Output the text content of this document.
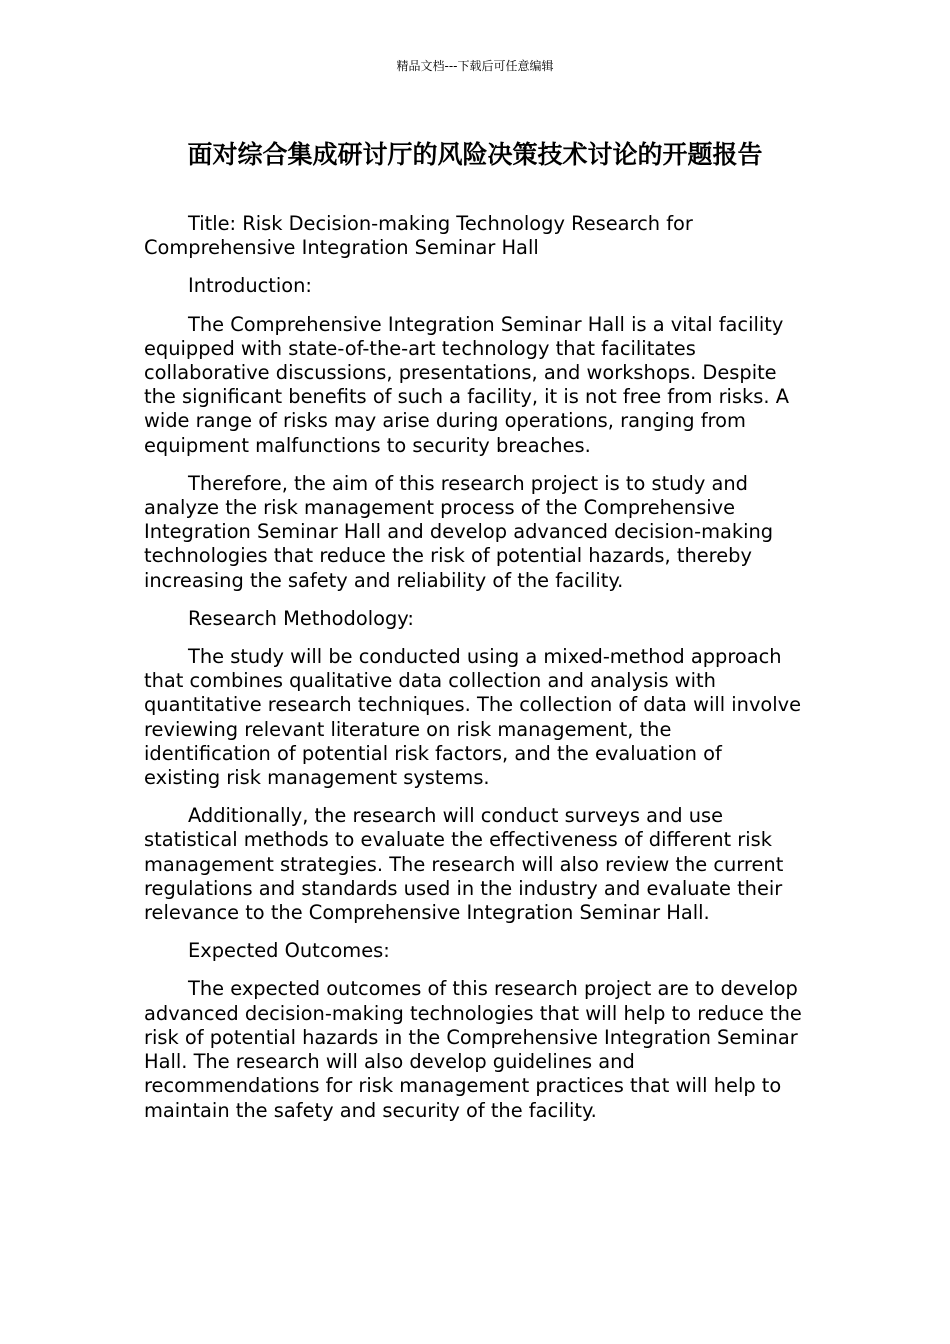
精品文档---下载后可任意编辑
面对综合集成研讨厅的风险决策技术讨论的开题报告

Title: Risk Decision-making Technology Research for Comprehensive Integration Seminar Hall

Introduction:

The Comprehensive Integration Seminar Hall is a vital facility equipped with state-of-the-art technology that facilitates collaborative discussions, presentations, and workshops. Despite the significant benefits of such a facility, it is not free from risks. A wide range of risks may arise during operations, ranging from equipment malfunctions to security breaches.

Therefore, the aim of this research project is to study and analyze the risk management process of the Comprehensive Integration Seminar Hall and develop advanced decision-making technologies that reduce the risk of potential hazards, thereby increasing the safety and reliability of the facility.

Research Methodology:

The study will be conducted using a mixed-method approach that combines qualitative data collection and analysis with quantitative research techniques. The collection of data will involve reviewing relevant literature on risk management, the identification of potential risk factors, and the evaluation of existing risk management systems.

Additionally, the research will conduct surveys and use statistical methods to evaluate the effectiveness of different risk management strategies. The research will also review the current regulations and standards used in the industry and evaluate their relevance to the Comprehensive Integration Seminar Hall.

Expected Outcomes:

The expected outcomes of this research project are to develop advanced decision-making technologies that will help to reduce the risk of potential hazards in the Comprehensive Integration Seminar Hall. The research will also develop guidelines and recommendations for risk management practices that will help to maintain the safety and security of the facility.
